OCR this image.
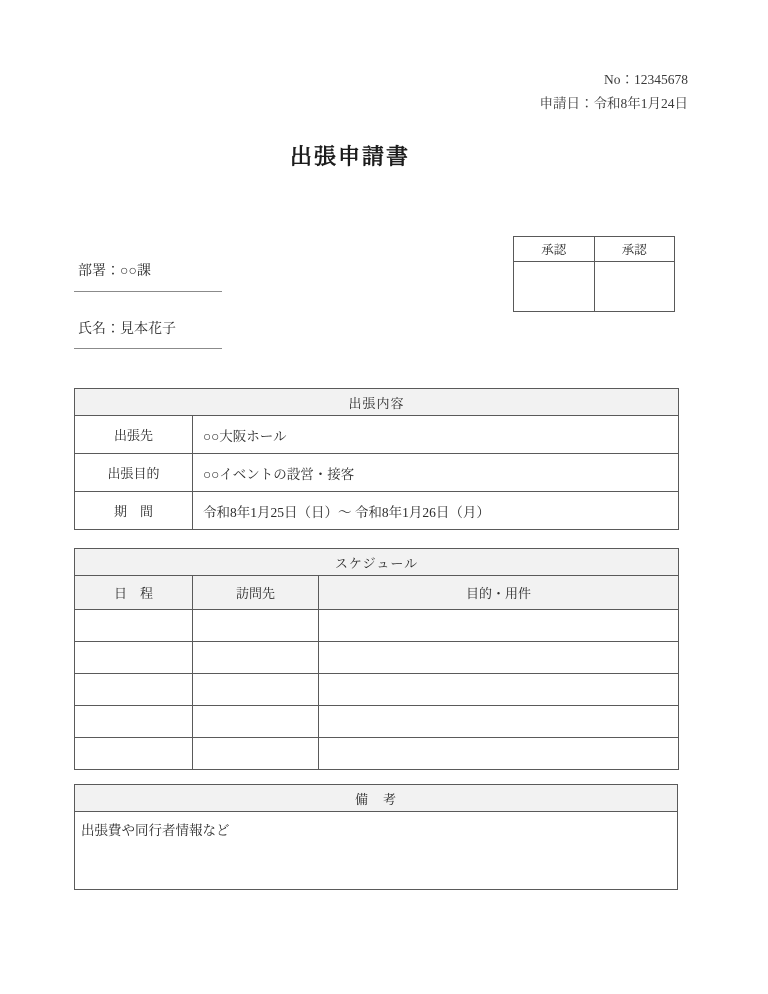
No：12345678
申請日：令和8年1月24日
出張申請書
部署：○○課
氏名：見本花子
承認	承認

出張内容	
出張先	○○大阪ホール
出張目的	○○イベントの設営・接客
期　間	令和8年1月25日（日）～ 令和8年1月26日（月）
スケジュール		
日　程	訪問先	目的・用件

備　考
出張費や同行者情報など
